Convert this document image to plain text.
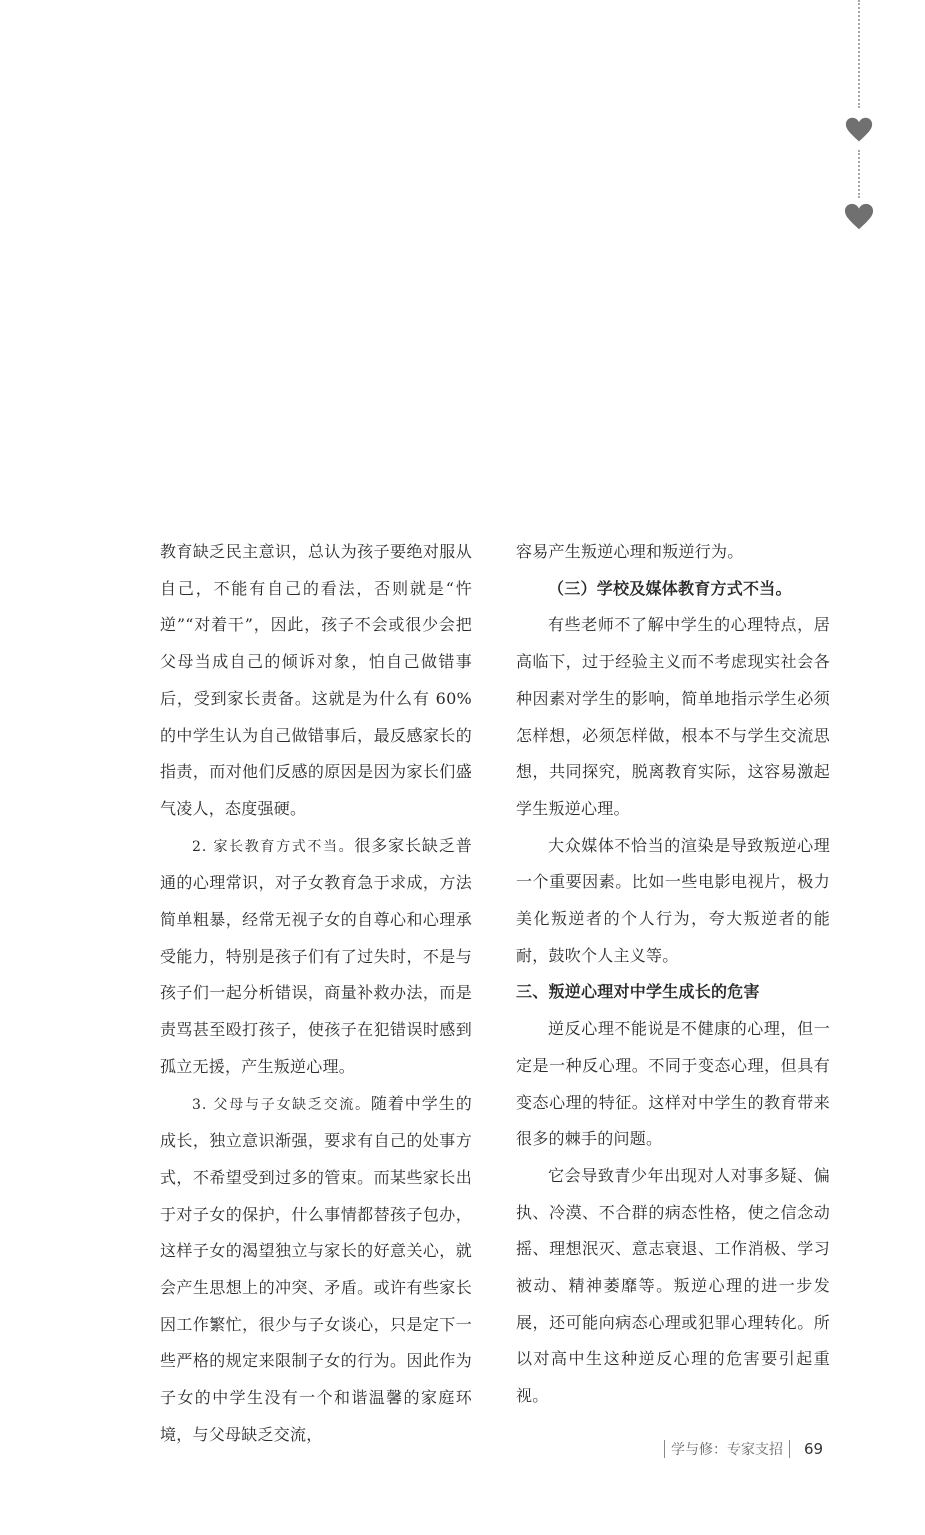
教育缺乏民主意识，总认为孩子要绝对服从自己，不能有自己的看法，否则就是“忤逆”“对着干”，因此，孩子不会或很少会把父母当成自己的倾诉对象，怕自己做错事后，受到家长责备。这就是为什么有 60% 的中学生认为自己做错事后，最反感家长的指责，而对他们反感的原因是因为家长们盛气凌人，态度强硬。

2. 家长教育方式不当。很多家长缺乏普通的心理常识，对子女教育急于求成，方法简单粗暴，经常无视子女的自尊心和心理承受能力，特别是孩子们有了过失时，不是与孩子们一起分析错误，商量补救办法，而是责骂甚至殴打孩子，使孩子在犯错误时感到孤立无援，产生叛逆心理。

3. 父母与子女缺乏交流。随着中学生的成长，独立意识渐强，要求有自己的处事方式，不希望受到过多的管束。而某些家长出于对子女的保护，什么事情都替孩子包办，这样子女的渴望独立与家长的好意关心，就会产生思想上的冲突、矛盾。或许有些家长因工作繁忙，很少与子女谈心，只是定下一些严格的规定来限制子女的行为。因此作为子女的中学生没有一个和谐温馨的家庭环境，与父母缺乏交流，

容易产生叛逆心理和叛逆行为。

（三）学校及媒体教育方式不当。

有些老师不了解中学生的心理特点，居高临下，过于经验主义而不考虑现实社会各种因素对学生的影响，简单地指示学生必须怎样想，必须怎样做，根本不与学生交流思想，共同探究，脱离教育实际，这容易激起学生叛逆心理。

大众媒体不恰当的渲染是导致叛逆心理一个重要因素。比如一些电影电视片，极力美化叛逆者的个人行为，夸大叛逆者的能耐，鼓吹个人主义等。

三、叛逆心理对中学生成长的危害

逆反心理不能说是不健康的心理，但一定是一种反心理。不同于变态心理，但具有变态心理的特征。这样对中学生的教育带来很多的棘手的问题。

它会导致青少年出现对人对事多疑、偏执、冷漠、不合群的病态性格，使之信念动摇、理想泯灭、意志衰退、工作消极、学习被动、精神萎靡等。叛逆心理的进一步发展，还可能向病态心理或犯罪心理转化。所以对高中生这种逆反心理的危害要引起重视。

学与修：专家支招 69
